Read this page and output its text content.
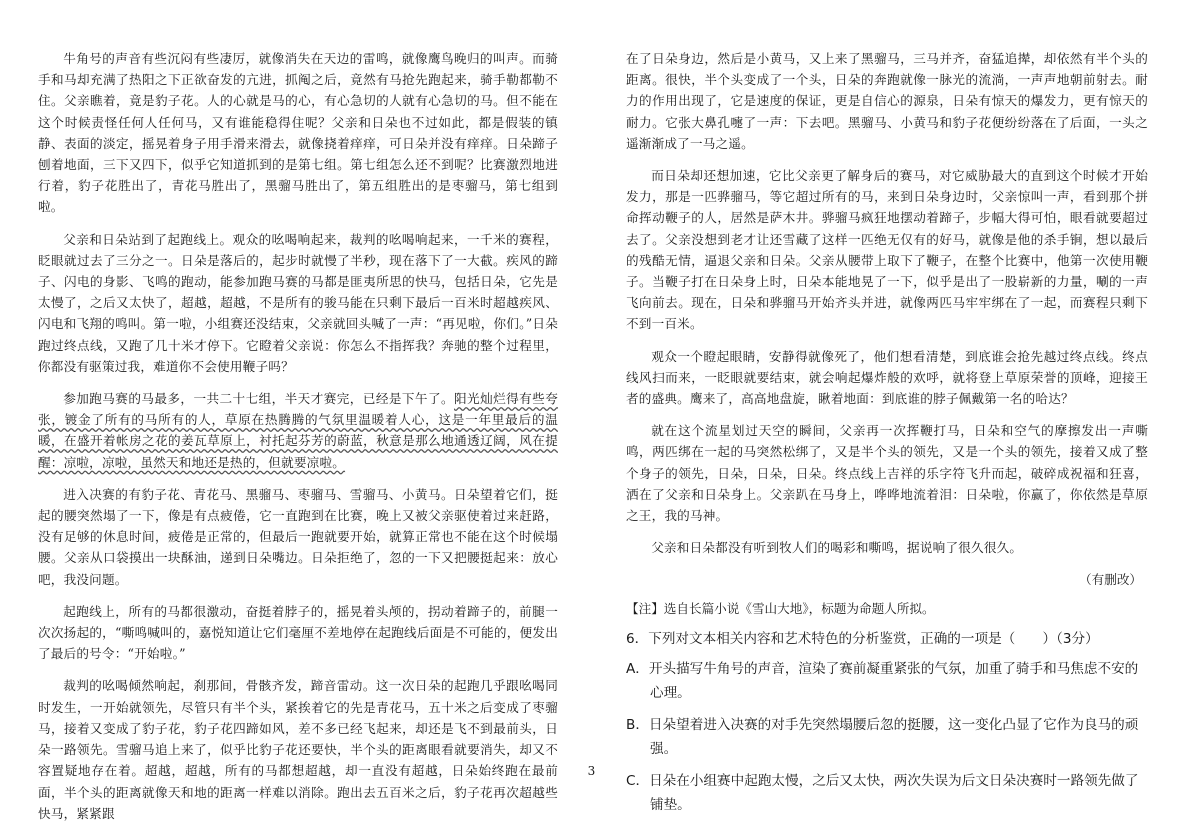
牛角号的声音有些沉闷有些凄厉，就像消失在天边的雷鸣，就像鹰鸟晚归的叫声。而骑手和马却充满了热阳之下正欲奋发的亢进，抓阄之后，竟然有马抢先跑起来，骑手勒都勒不住。父亲瞧着，竟是豹子花。人的心就是马的心，有心急切的人就有心急切的马。但不能在这个时候责怪任何人任何马，又有谁能稳得住呢？父亲和日朵也不过如此，都是假装的镇静、表面的淡定，摇晃着身子用手滑来滑去，就像挠着痒痒，可日朵并没有痒痒。日朵蹄子刨着地面，三下又四下，似乎它知道抓到的是第七组。第七组怎么还不到呢？比赛激烈地进行着，豹子花胜出了，青花马胜出了，黑骝马胜出了，第五组胜出的是枣骝马，第七组到啦。

父亲和日朵站到了起跑线上。观众的吆喝响起来，裁判的吆喝响起来，一千米的赛程，眨眼就过去了三分之一。日朵是落后的，起步时就慢了半秒，现在落下了一大截。疾风的蹄子、闪电的身影、飞鸣的跑动，能参加跑马赛的马都是匪夷所思的快马，包括日朵，它先是太慢了，之后又太快了，超越，超越，不是所有的骏马能在只剩下最后一百米时超越疾风、闪电和飞翔的鸣叫。第一啦，小组赛还没结束，父亲就回头喊了一声：“再见啦，你们。”日朵跑过终点线，又跑了几十米才停下。它瞪着父亲说：你怎么不指挥我？奔驰的整个过程里，你都没有驱策过我，难道你不会使用鞭子吗？

参加跑马赛的马最多，一共二十七组，半天才赛完，已经是下午了。阳光灿烂得有些夸张，镀金了所有的马所有的人，草原在热腾腾的气氛里温暖着人心，这是一年里最后的温暖，在盛开着帐房之花的姜瓦草原上，衬托起芬芳的蔚蓝，秋意是那么地通透辽阔，风在提醒：凉啦，凉啦，虽然天和地还是热的，但就要凉啦。

进入决赛的有豹子花、青花马、黑骝马、枣骝马、雪骝马、小黄马。日朵望着它们，挺起的腰突然塌了一下，像是有点疲倦，它一直跑到在比赛，晚上又被父亲驱使着过来赶路，没有足够的休息时间，疲倦是正常的，但最后一跑就要开始，就算正常也不能在这个时候塌腰。父亲从口袋摸出一块酥油，递到日朵嘴边。日朵拒绝了，忽的一下又把腰挺起来：放心吧，我没问题。

起跑线上，所有的马都很激动，奋挺着脖子的，摇晃着头颅的，拐动着蹄子的，前腿一次次扬起的，“嘶鸣喊叫的，嘉悦知道让它们毫厘不差地停在起跑线后面是不可能的，便发出了最后的号令：“开始啦。”

裁判的吆喝倾然响起，刹那间，骨骸齐发，蹄音雷动。这一次日朵的起跑几乎跟吆喝同时发生，一开始就领先，尽管只有半个头，紧挨着它的先是青花马，五十米之后变成了枣骝马，接着又变成了豹子花，豹子花四蹄如风，差不多已经飞起来，却还是飞不到最前头，日朵一路领先。雪骝马追上来了，似乎比豹子花还要快，半个头的距离眼看就要消失，却又不容置疑地存在着。超越，超越，所有的马都想超越，却一直没有超越，日朵始终跑在最前面，半个头的距离就像天和地的距离一样难以消除。跑出去五百米之后，豹子花再次超越些快马，紧紧跟

在了日朵身边，然后是小黄马，又上来了黑骝马，三马并齐，奋猛追撵，却依然有半个头的距离。很快，半个头变成了一个头，日朵的奔跑就像一脉光的流淌，一声声地朝前射去。耐力的作用出现了，它是速度的保证，更是自信心的源泉，日朵有惊天的爆发力，更有惊天的耐力。它张大鼻孔嚏了一声：下去吧。黑骝马、小黄马和豹子花便纷纷落在了后面，一头之遥渐渐成了一马之遥。

而日朵却还想加速，它比父亲更了解身后的赛马，对它威胁最大的直到这个时候才开始发力，那是一匹骅骝马，等它超过所有的马，来到日朵身边时，父亲惊叫一声，看到那个拼命挥动鞭子的人，居然是萨木井。骅骝马疯狂地摆动着蹄子，步幅大得可怕，眼看就要超过去了。父亲没想到老才让还雪藏了这样一匹绝无仅有的好马，就像是他的杀手锏，想以最后的残酷无情，逼退父亲和日朵。父亲从腰带上取下了鞭子，在整个比赛中，他第一次使用鞭子。当鞭子打在日朵身上时，日朵本能地晃了一下，似乎是出了一股崭新的力量，唰的一声飞向前去。现在，日朵和骅骝马开始齐头并进，就像两匹马牢牢绑在了一起，而赛程只剩下不到一百米。

观众一个瞪起眼睛，安静得就像死了，他们想看清楚，到底谁会抢先越过终点线。终点线风扫而来，一眨眼就要结束，就会响起爆炸般的欢呼，就将登上草原荣誉的顶峰，迎接王者的盛典。鹰来了，高高地盘旋，瞅着地面：到底谁的脖子佩戴第一名的哈达？

就在这个流星划过天空的瞬间，父亲再一次挥鞭打马，日朵和空气的摩擦发出一声嘶鸣，两匹绑在一起的马突然松绑了，又是半个头的领先，又是一个头的领先，接着又成了整个身子的领先，日朵，日朵，日朵。终点线上吉祥的乐字符飞升而起，破碎成祝福和狂喜，洒在了父亲和日朵身上。父亲趴在马身上，哗哗地流着泪：日朵啦，你赢了，你依然是草原之王，我的马神。

父亲和日朵都没有听到牧人们的喝彩和嘶鸣，据说响了很久很久。

（有删改）
【注】选自长篇小说《雪山大地》，标题为命题人所拟。
6．下列对文本相关内容和艺术特色的分析鉴赏，正确的一项是（　　）（3分）
A．开头描写牛角号的声音，渲染了赛前凝重紧张的气氛，加重了骑手和马焦虑不安的心理。
B．日朵望着进入决赛的对手先突然塌腰后忽的挺腰，这一变化凸显了它作为良马的顽强。
C．日朵在小组赛中起跑太慢，之后又太快，两次失误为后文日朵决赛时一路领先做了铺垫。
3
